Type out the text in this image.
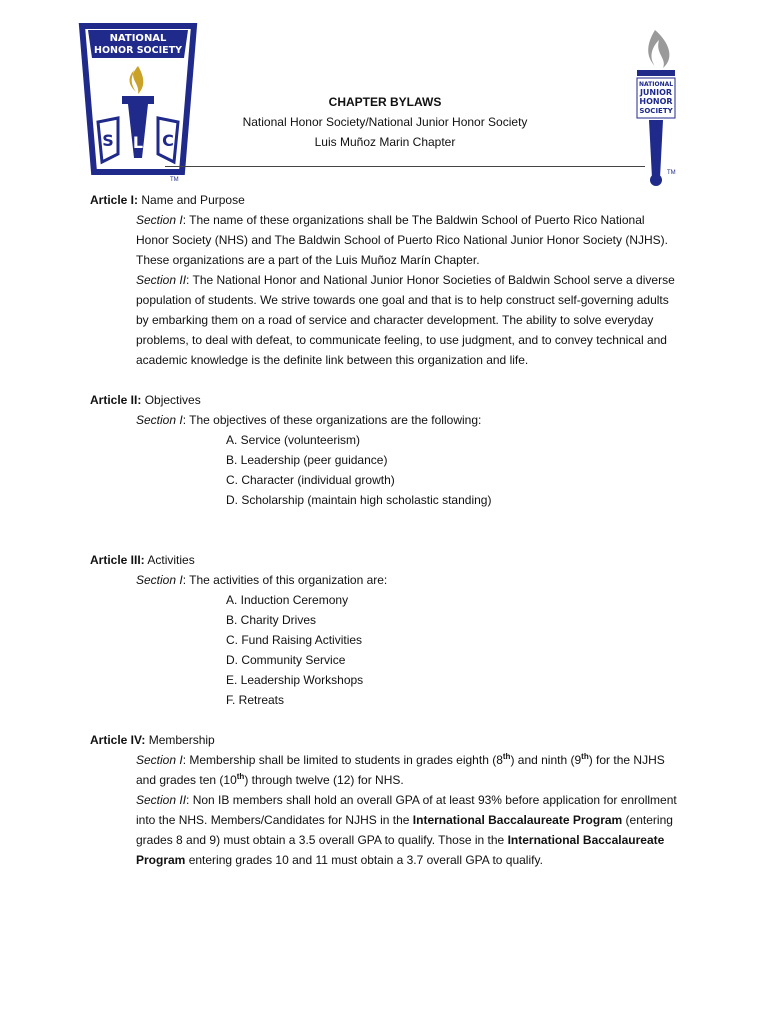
NATIONAL
HONOR SOCIETY
S L C
TM
NATIONAL
JUNIOR
HONOR
SOCIETY
TM
CHAPTER BYLAWS
National Honor Society/National Junior Honor Society
Luis Muñoz Marin Chapter

Article I: Name and Purpose

Section I: The name of these organizations shall be The Baldwin School of Puerto Rico National Honor Society (NHS) and The Baldwin School of Puerto Rico National Junior Honor Society (NJHS). These organizations are a part of the Luis Muñoz Marín Chapter.
Section II: The National Honor and National Junior Honor Societies of Baldwin School serve a diverse population of students. We strive towards one goal and that is to help construct self-governing adults by embarking them on a road of service and character development. The ability to solve everyday problems, to deal with defeat, to communicate feeling, to use judgment, and to convey technical and academic knowledge is the definite link between this organization and life.

Article II: Objectives

Section I: The objectives of these organizations are the following:
A. Service (volunteerism)
B. Leadership (peer guidance)
C. Character (individual growth)
D. Scholarship (maintain high scholastic standing)

Article III: Activities

Section I: The activities of this organization are:
A. Induction Ceremony
B. Charity Drives
C. Fund Raising Activities
D. Community Service
E. Leadership Workshops
F. Retreats

Article IV: Membership

Section I: Membership shall be limited to students in grades eighth (8th) and ninth (9th) for the NJHS and grades ten (10th) through twelve (12) for NHS.
Section II: Non IB members shall hold an overall GPA of at least 93% before application for enrollment into the NHS. Members/Candidates for NJHS in the International Baccalaureate Program (entering grades 8 and 9) must obtain a 3.5 overall GPA to qualify. Those in the International Baccalaureate Program entering grades 10 and 11 must obtain a 3.7 overall GPA to qualify.
